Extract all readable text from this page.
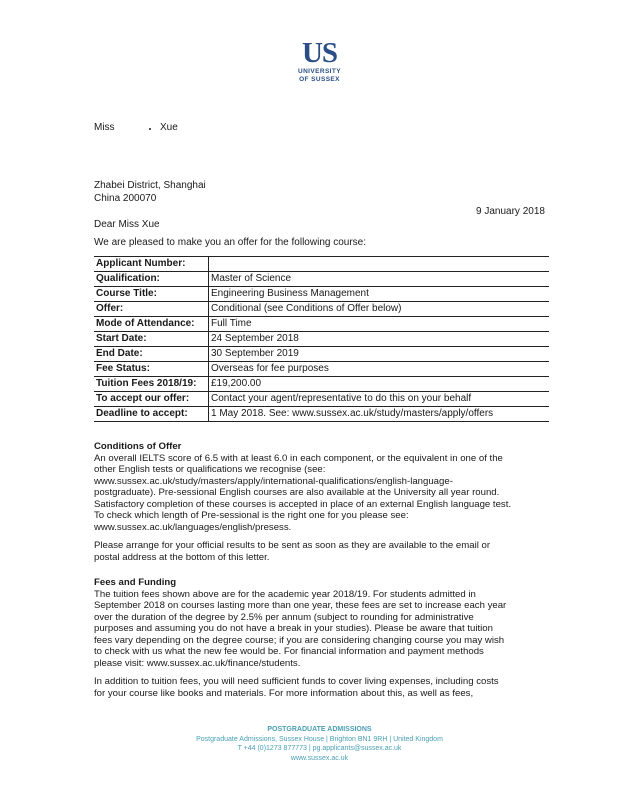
US
UNIVERSITY
OF SUSSEX
Miss	Xue
Zhabei District, Shanghai
China 200070
9 January 2018
Dear Miss Xue
We are pleased to make you an offer for the following course:
Applicant Number:	
Qualification:	Master of Science
Course Title:	Engineering Business Management
Offer:	Conditional (see Conditions of Offer below)
Mode of Attendance:	Full Time
Start Date:	24 September 2018
End Date:	30 September 2019
Fee Status:	Overseas for fee purposes
Tuition Fees 2018/19:	£19,200.00
To accept our offer:	Contact your agent/representative to do this on your behalf
Deadline to accept:	1 May 2018. See: www.sussex.ac.uk/study/masters/apply/offers

Conditions of Offer

An overall IELTS score of 6.5 with at least 6.0 in each component, or the equivalent in one of the

other English tests or qualifications we recognise (see:

www.sussex.ac.uk/study/masters/apply/international-qualifications/english-language-

postgraduate). Pre-sessional English courses are also available at the University all year round.

Satisfactory completion of these courses is accepted in place of an external English language test.

To check which length of Pre-sessional is the right one for you please see:

www.sussex.ac.uk/languages/english/presess.

Please arrange for your official results to be sent as soon as they are available to the email or

postal address at the bottom of this letter.

Fees and Funding

The tuition fees shown above are for the academic year 2018/19. For students admitted in

September 2018 on courses lasting more than one year, these fees are set to increase each year

over the duration of the degree by 2.5% per annum (subject to rounding for administrative

purposes and assuming you do not have a break in your studies). Please be aware that tuition

fees vary depending on the degree course; if you are considering changing course you may wish

to check with us what the new fee would be. For financial information and payment methods

please visit: www.sussex.ac.uk/finance/students.

In addition to tuition fees, you will need sufficient funds to cover living expenses, including costs

for your course like books and materials. For more information about this, as well as fees,

POSTGRADUATE ADMISSIONS
Postgraduate Admissions, Sussex House | Brighton BN1 9RH | United Kingdom
T +44 (0)1273 877773 | pg.applicants@sussex.ac.uk
www.sussex.ac.uk
